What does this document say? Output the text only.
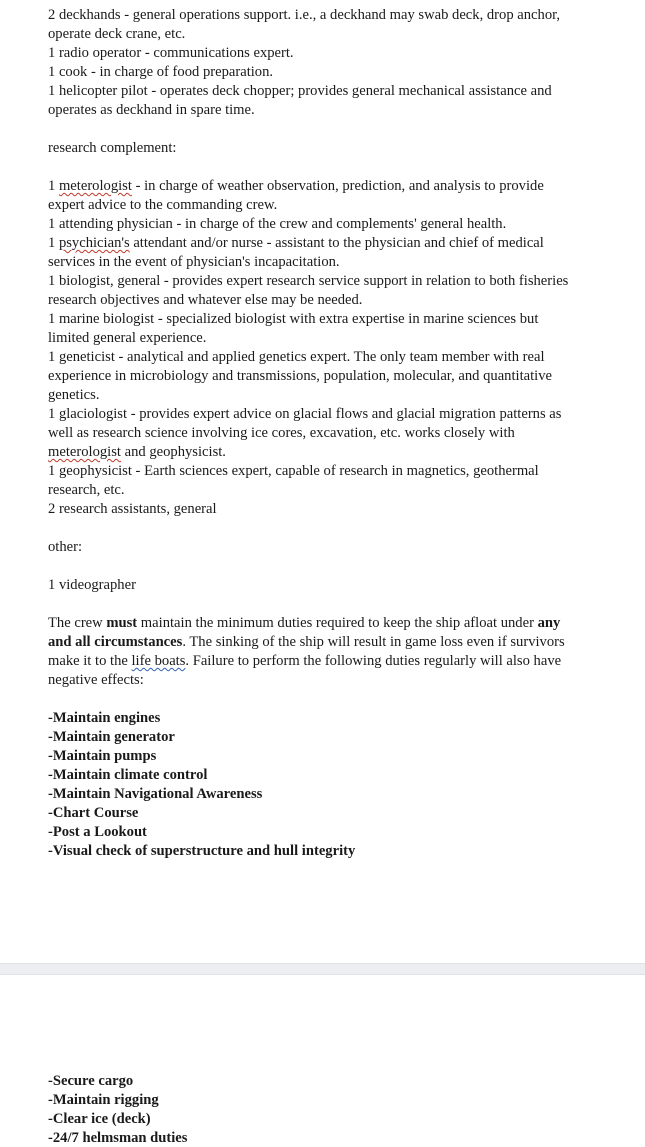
2 deckhands - general operations support. i.e., a deckhand may swab deck, drop anchor,
operate deck crane, etc.
1 radio operator - communications expert.
1 cook - in charge of food preparation.
1 helicopter pilot - operates deck chopper; provides general mechanical assistance and
operates as deckhand in spare time.
research complement:
1 meterologist - in charge of weather observation, prediction, and analysis to provide
expert advice to the commanding crew.
1 attending physician - in charge of the crew and complements' general health.
1 psychician's attendant and/or nurse - assistant to the physician and chief of medical
services in the event of physician's incapacitation.
1 biologist, general - provides expert research service support in relation to both fisheries
research objectives and whatever else may be needed.
1 marine biologist - specialized biologist with extra expertise in marine sciences but
limited general experience.
1 geneticist - analytical and applied genetics expert. The only team member with real
experience in microbiology and transmissions, population, molecular, and quantitative
genetics.
1 glaciologist - provides expert advice on glacial flows and glacial migration patterns as
well as research science involving ice cores, excavation, etc. works closely with
meterologist and geophysicist.
1 geophysicist - Earth sciences expert, capable of research in magnetics, geothermal
research, etc.
2 research assistants, general
other:
1 videographer
The crew must maintain the minimum duties required to keep the ship afloat under any
and all circumstances. The sinking of the ship will result in game loss even if survivors
make it to the life boats. Failure to perform the following duties regularly will also have
negative effects:
-Maintain engines
-Maintain generator
-Maintain pumps
-Maintain climate control
-Maintain Navigational Awareness
-Chart Course
-Post a Lookout
-Visual check of superstructure and hull integrity
-Secure cargo
-Maintain rigging
-Clear ice (deck)
-24/7 helmsman duties
